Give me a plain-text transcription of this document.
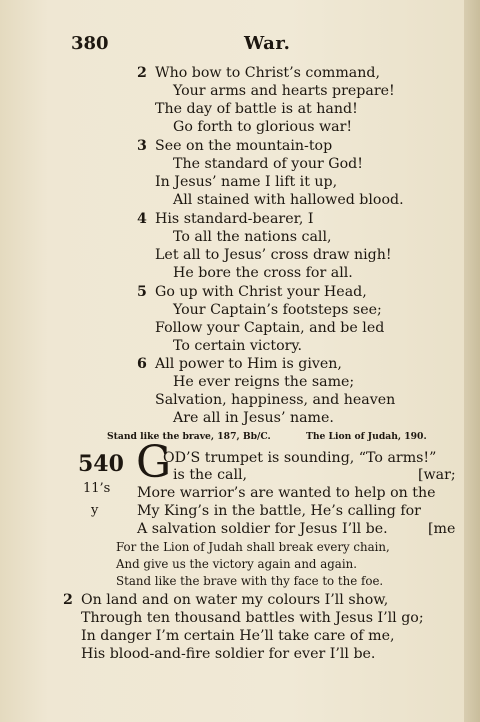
380	War.
2 Who bow to Christ’s command,
Your arms and hearts prepare!
The day of battle is at hand!
Go forth to glorious war!
3 See on the mountain-top
The standard of your God!
In Jesus’ name I lift it up,
All stained with hallowed blood.
4 His standard-bearer, I
To all the nations call,
Let all to Jesus’ cross draw nigh!
He bore the cross for all.
5 Go up with Christ your Head,
Your Captain’s footsteps see;
Follow your Captain, and be led
To certain victory.
6 All power to Him is given,
He ever reigns the same;
Salvation, happiness, and heaven
Are all in Jesus’ name.
Stand like the brave, 187, Bb/C.	The Lion of Judah, 190.
540
11’s
y
G
OD’S trumpet is sounding, “To arms!”
is the call,	[war;
More warrior’s are wanted to help on the
My King’s in the battle, He’s calling for
A salvation soldier for Jesus I’ll be.	[me
For the Lion of Judah shall break every chain,
And give us the victory again and again.
Stand like the brave with thy face to the foe.
2 On land and on water my colours I’ll show,
Through ten thousand battles with Jesus I’ll go;
In danger I’m certain He’ll take care of me,
His blood-and-fire soldier for ever I’ll be.
